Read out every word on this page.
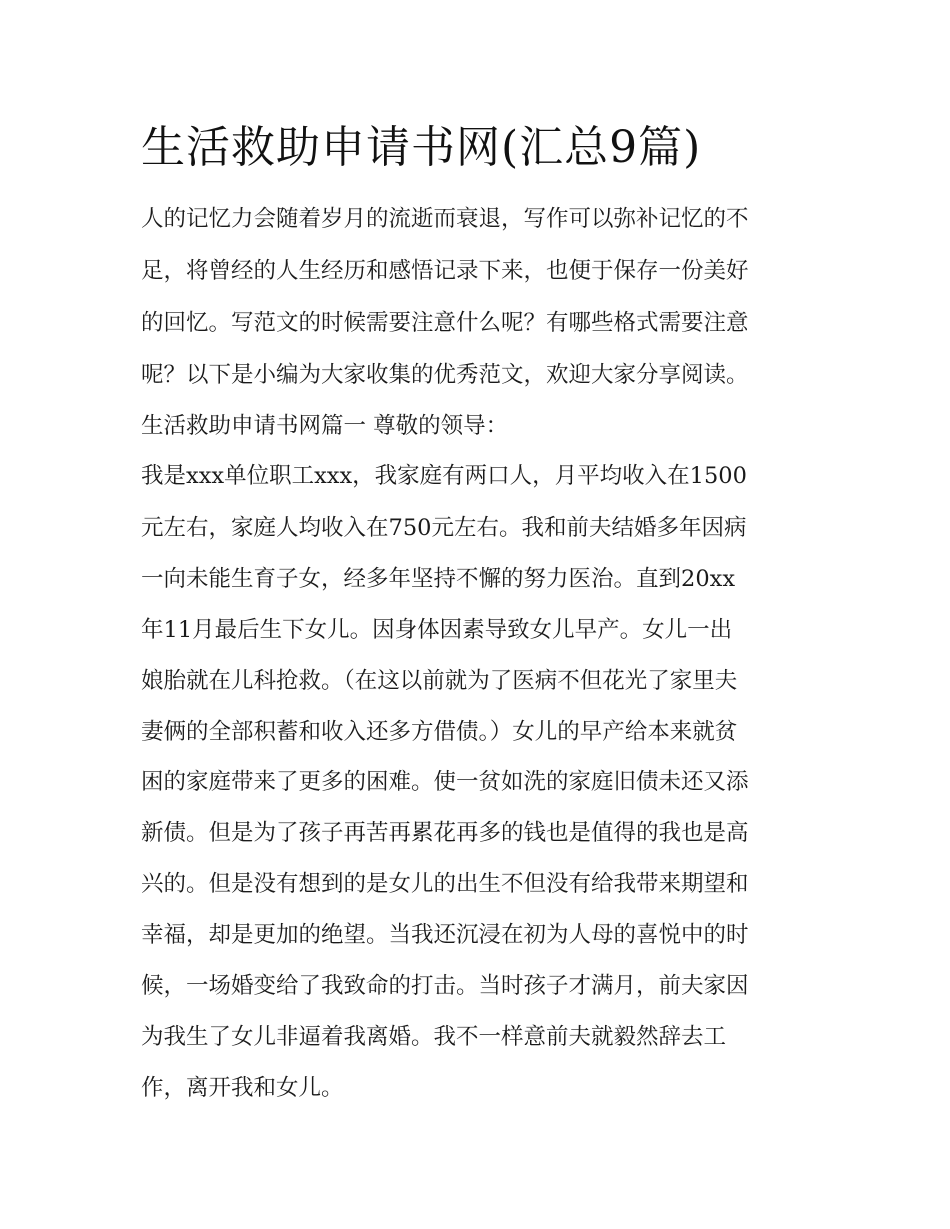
生活救助申请书网(汇总9篇)

人的记忆力会随着岁月的流逝而衰退，写作可以弥补记忆的不

足，将曾经的人生经历和感悟记录下来，也便于保存一份美好

的回忆。写范文的时候需要注意什么呢？有哪些格式需要注意

呢？以下是小编为大家收集的优秀范文，欢迎大家分享阅读。

生活救助申请书网篇一 尊敬的领导：

我是xxx单位职工xxx，我家庭有两口人，月平均收入在1500

元左右，家庭人均收入在750元左右。我和前夫结婚多年因病

一向未能生育子女，经多年坚持不懈的努力医治。直到20xx

年11月最后生下女儿。因身体因素导致女儿早产。女儿一出

娘胎就在儿科抢救。（在这以前就为了医病不但花光了家里夫

妻俩的全部积蓄和收入还多方借债。）女儿的早产给本来就贫

困的家庭带来了更多的困难。使一贫如洗的家庭旧债未还又添

新债。但是为了孩子再苦再累花再多的钱也是值得的我也是高

兴的。但是没有想到的是女儿的出生不但没有给我带来期望和

幸福，却是更加的绝望。当我还沉浸在初为人母的喜悦中的时

候，一场婚变给了我致命的打击。当时孩子才满月，前夫家因

为我生了女儿非逼着我离婚。我不一样意前夫就毅然辞去工

作，离开我和女儿。
